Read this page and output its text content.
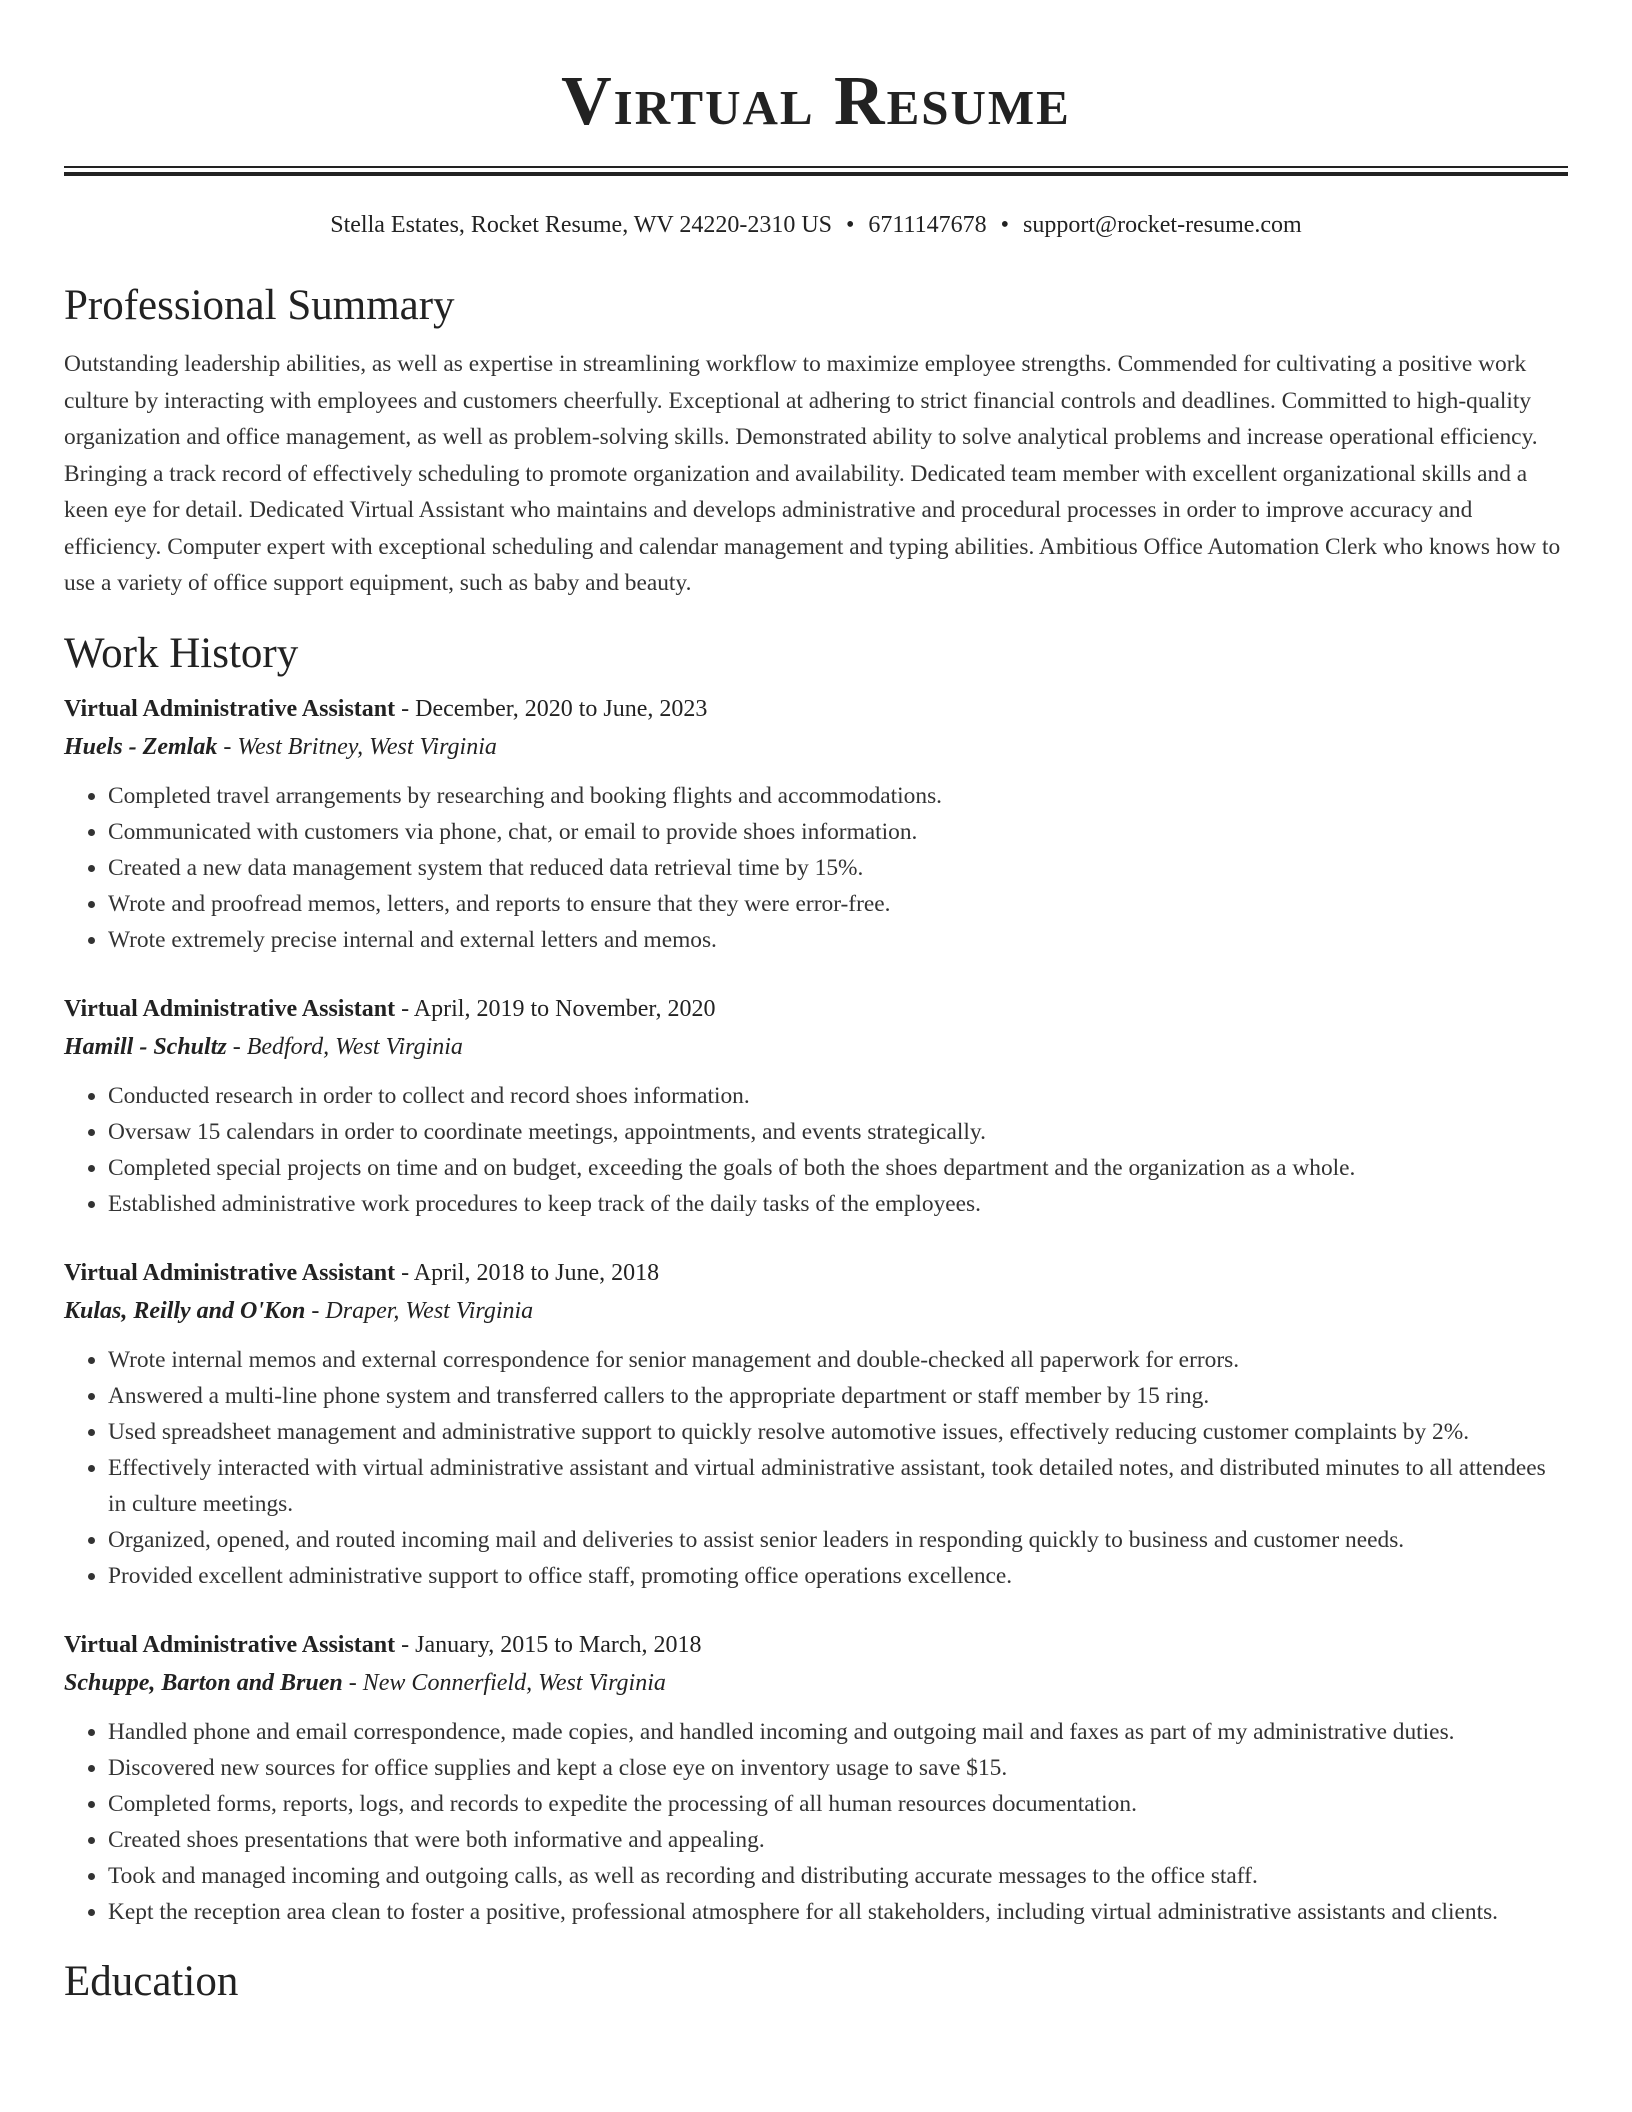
Virtual Resume
Stella Estates, Rocket Resume, WV 24220-2310 US • 6711147678 • support@rocket-resume.com
Professional Summary
Outstanding leadership abilities, as well as expertise in streamlining workflow to maximize employee strengths. Commended for cultivating a positive work culture by interacting with employees and customers cheerfully. Exceptional at adhering to strict financial controls and deadlines. Committed to high-quality organization and office management, as well as problem-solving skills. Demonstrated ability to solve analytical problems and increase operational efficiency. Bringing a track record of effectively scheduling to promote organization and availability. Dedicated team member with excellent organizational skills and a keen eye for detail. Dedicated Virtual Assistant who maintains and develops administrative and procedural processes in order to improve accuracy and efficiency. Computer expert with exceptional scheduling and calendar management and typing abilities. Ambitious Office Automation Clerk who knows how to use a variety of office support equipment, such as baby and beauty.
Work History
Virtual Administrative Assistant - December, 2020 to June, 2023
Huels - Zemlak - West Britney, West Virginia
• Completed travel arrangements by researching and booking flights and accommodations.
• Communicated with customers via phone, chat, or email to provide shoes information.
• Created a new data management system that reduced data retrieval time by 15%.
• Wrote and proofread memos, letters, and reports to ensure that they were error-free.
• Wrote extremely precise internal and external letters and memos.
Virtual Administrative Assistant - April, 2019 to November, 2020
Hamill - Schultz - Bedford, West Virginia
• Conducted research in order to collect and record shoes information.
• Oversaw 15 calendars in order to coordinate meetings, appointments, and events strategically.
• Completed special projects on time and on budget, exceeding the goals of both the shoes department and the organization as a whole.
• Established administrative work procedures to keep track of the daily tasks of the employees.
Virtual Administrative Assistant - April, 2018 to June, 2018
Kulas, Reilly and O'Kon - Draper, West Virginia
• Wrote internal memos and external correspondence for senior management and double-checked all paperwork for errors.
• Answered a multi-line phone system and transferred callers to the appropriate department or staff member by 15 ring.
• Used spreadsheet management and administrative support to quickly resolve automotive issues, effectively reducing customer complaints by 2%.
• Effectively interacted with virtual administrative assistant and virtual administrative assistant, took detailed notes, and distributed minutes to all attendees in culture meetings.
• Organized, opened, and routed incoming mail and deliveries to assist senior leaders in responding quickly to business and customer needs.
• Provided excellent administrative support to office staff, promoting office operations excellence.
Virtual Administrative Assistant - January, 2015 to March, 2018
Schuppe, Barton and Bruen - New Connerfield, West Virginia
• Handled phone and email correspondence, made copies, and handled incoming and outgoing mail and faxes as part of my administrative duties.
• Discovered new sources for office supplies and kept a close eye on inventory usage to save $15.
• Completed forms, reports, logs, and records to expedite the processing of all human resources documentation.
• Created shoes presentations that were both informative and appealing.
• Took and managed incoming and outgoing calls, as well as recording and distributing accurate messages to the office staff.
• Kept the reception area clean to foster a positive, professional atmosphere for all stakeholders, including virtual administrative assistants and clients.
Education
